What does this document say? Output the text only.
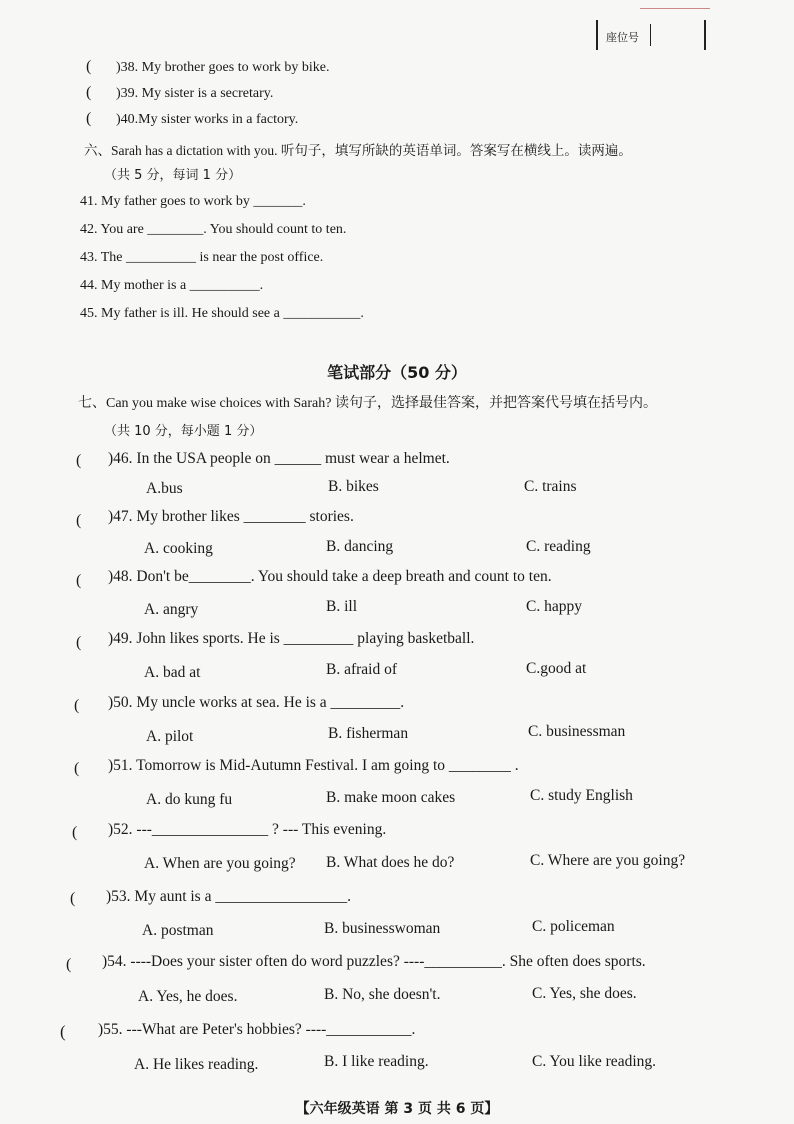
座位号
( )38. My brother goes to work by bike.
( )39. My sister is a secretary.
( )40.My sister works in a factory.
六、Sarah has a dictation with you. 听句子，填写所缺的英语单词。答案写在横线上。读两遍。
（共 5 分，每词 1 分）
41. My father goes to work by _______.
42. You are ________. You should count to ten.
43. The __________ is near the post office.
44. My mother is a __________.
45. My father is ill. He should see a ___________.
笔试部分（50 分）
七、Can you make wise choices with Sarah? 读句子，选择最佳答案，并把答案代号填在括号内。
（共 10 分，每小题 1 分）
( )46. In the USA people on ______ must wear a helmet.
A.bus	B. bikes	C. trains
( )47. My brother likes ________ stories.
A. cooking	B. dancing	C. reading
( )48. Don't be________. You should take a deep breath and count to ten.
A. angry	B. ill	C. happy
( )49. John likes sports. He is _________ playing basketball.
A. bad at	B. afraid of	C.good at
( )50. My uncle works at sea. He is a _________.
A. pilot	B. fisherman	C. businessman
( )51. Tomorrow is Mid-Autumn Festival. I am going to ________ .
A. do kung fu	B. make moon cakes	C. study English
( )52. ---_______________ ? --- This evening.
A. When are you going? B. What does he do?	C. Where are you going?
( )53. My aunt is a _________________.
A. postman	B. businesswoman	C. policeman
( )54. ----Does your sister often do word puzzles? ----__________. She often does sports.
A. Yes, he does.	B. No, she doesn't.	C. Yes, she does.
( )55. ---What are Peter's hobbies? ----___________.
A. He likes reading.	B. I like reading.	C. You like reading.
【六年级英语 第 3 页 共 6 页】
